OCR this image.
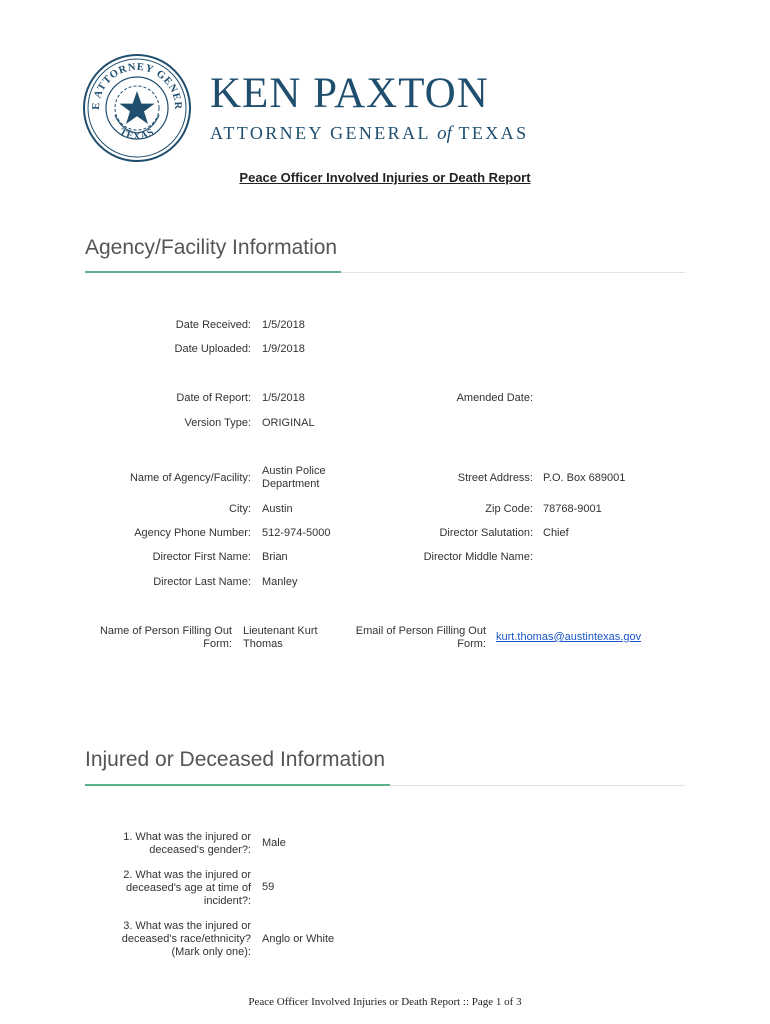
E ATTORNEY GENER
TEXAS
KEN PAXTON
ATTORNEY GENERAL of TEXAS
Peace Officer Involved Injuries or Death Report
Agency/Facility Information
Date Received: 1/5/2018
Date Uploaded: 1/9/2018
Date of Report: 1/5/2018	Amended Date:
Version Type: ORIGINAL
Name of Agency/Facility:
Austin Police Department	Street Address: P.O. Box 689001
City: Austin	Zip Code: 78768-9001
Agency Phone Number: 512-974-5000	Director Salutation: Chief
Director First Name: Brian	Director Middle Name:
Director Last Name: Manley
Name of Person Filling Out Form:
Lieutenant Kurt Thomas
Email of Person Filling Out Form:
kurt.thomas@austintexas.gov
Injured or Deceased Information
1. What was the injured or deceased's gender?:
Male
2. What was the injured or deceased's age at time of incident?:
59
3. What was the injured or deceased's race/ethnicity? (Mark only one):
Anglo or White
Peace Officer Involved Injuries or Death Report :: Page 1 of 3
